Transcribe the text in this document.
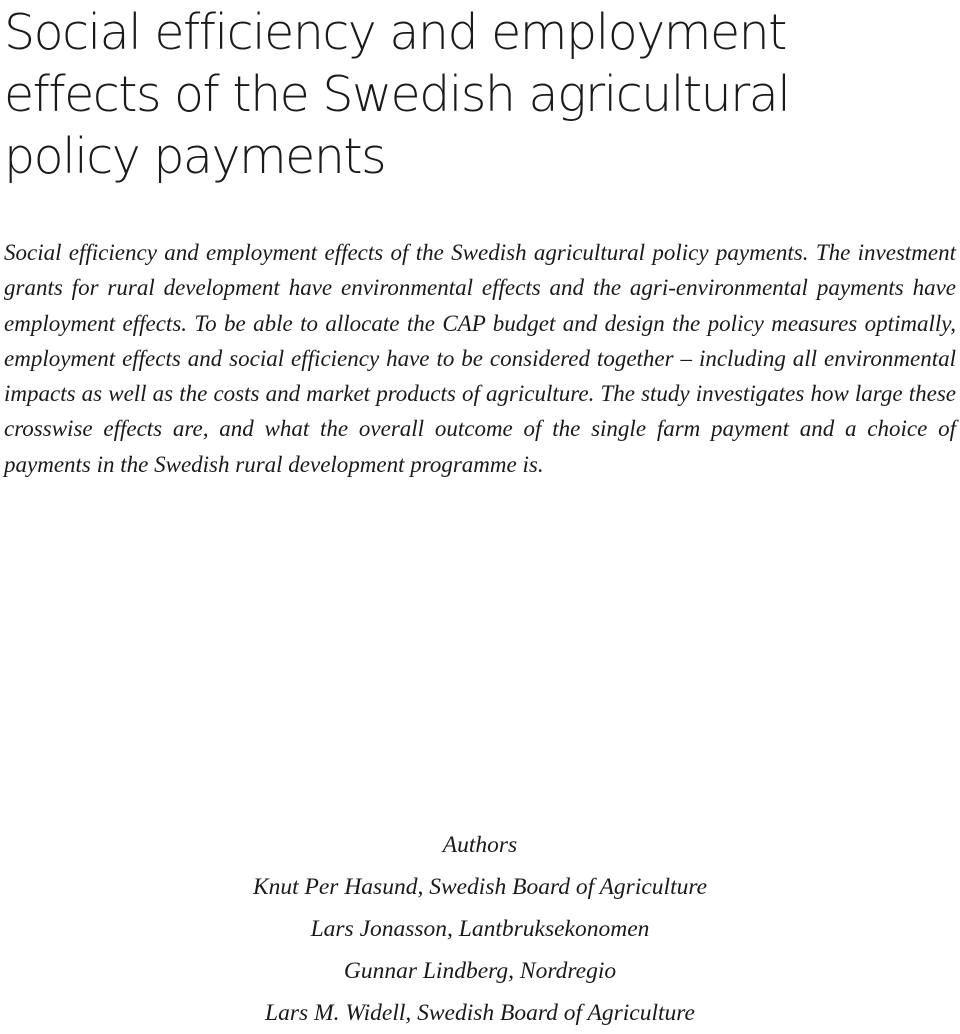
Social efficiency and employment
effects of the Swedish agricultural
policy payments

Social efficiency and employment effects of the Swedish agricultural policy payments. The investment grants for rural development have environmental effects and the agri-environmental payments have employment effects. To be able to allocate the CAP budget and design the policy measures optimally, employment effects and social efficiency have to be considered together – including all environmental impacts as well as the costs and market products of agriculture. The study investigates how large these crosswise effects are, and what the overall outcome of the single farm payment and a choice of payments in the Swedish rural development programme is.

Authors
Knut Per Hasund, Swedish Board of Agriculture
Lars Jonasson, Lantbruksekonomen
Gunnar Lindberg, Nordregio
Lars M. Widell, Swedish Board of Agriculture
